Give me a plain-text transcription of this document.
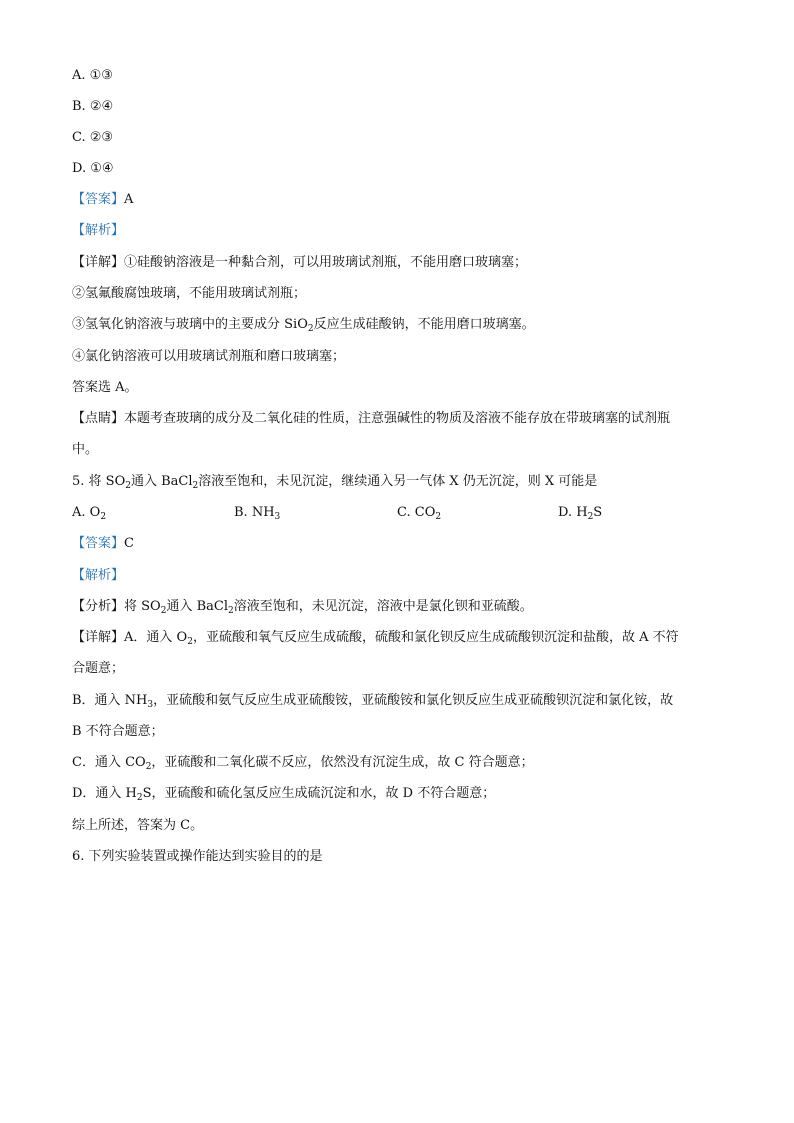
A. ①③
B. ②④
C. ②③
D. ①④
【答案】A
【解析】
【详解】①硅酸钠溶液是一种黏合剂，可以用玻璃试剂瓶，不能用磨口玻璃塞；
②氢氟酸腐蚀玻璃，不能用玻璃试剂瓶；
③氢氧化钠溶液与玻璃中的主要成分 SiO$_2$反应生成硅酸钠，不能用磨口玻璃塞。
④氯化钠溶液可以用玻璃试剂瓶和磨口玻璃塞；
答案选 A。
【点睛】本题考查玻璃的成分及二氧化硅的性质，注意强碱性的物质及溶液不能存放在带玻璃塞的试剂瓶
中。
5. 将 $SO_2$通入 BaCl$_2$溶液至饱和，未见沉淀，继续通入另一气体 X 仍无沉淀，则 X 可能是
A. $O_2$	B. $NH_3$	C. $CO_2$	D. $H_2S$
【答案】C
【解析】
【分析】将 $SO_2$通入 BaCl$_2$溶液至饱和，未见沉淀，溶液中是氯化钡和亚硫酸。
【详解】A．通入 $O_2$，亚硫酸和氧气反应生成硫酸，硫酸和氯化钡反应生成硫酸钡沉淀和盐酸，故 A 不符
合题意；
B．通入 $NH_3$，亚硫酸和氨气反应生成亚硫酸铵，亚硫酸铵和氯化钡反应生成亚硫酸钡沉淀和氯化铵，故
B 不符合题意；
C．通入 $CO_2$，亚硫酸和二氧化碳不反应，依然没有沉淀生成，故 C 符合题意；
D．通入 $H_2S$，亚硫酸和硫化氢反应生成硫沉淀和水，故 D 不符合题意；
综上所述，答案为 C。
6. 下列实验装置或操作能达到实验目的的是
